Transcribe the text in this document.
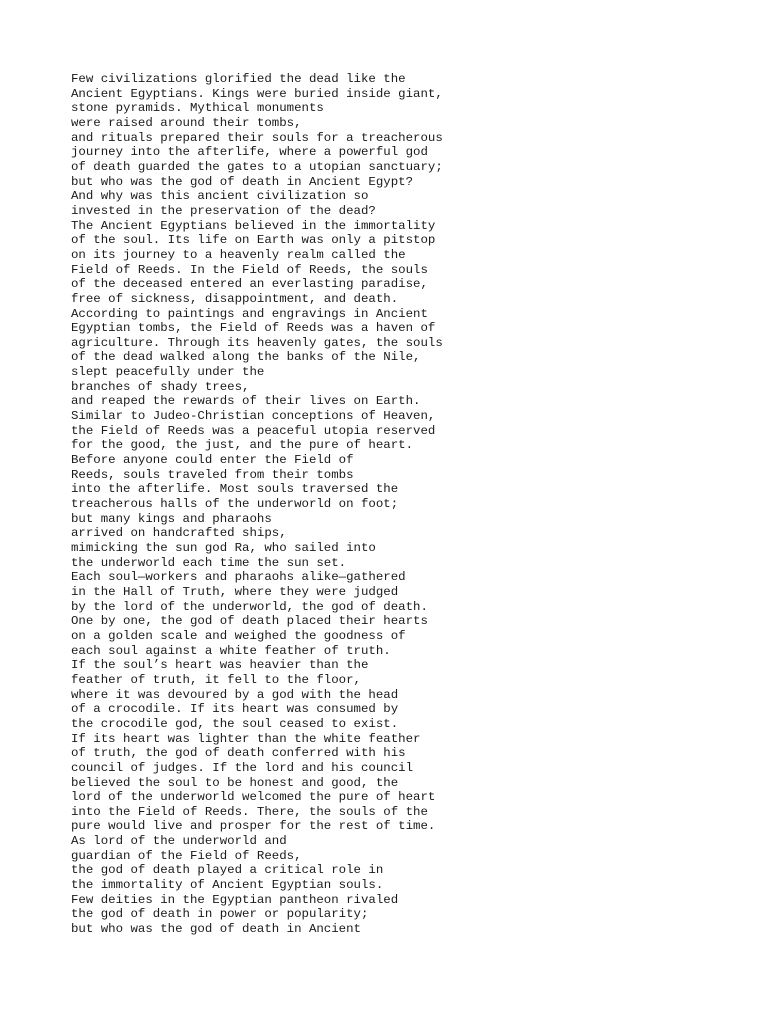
Few civilizations glorified the dead like the
Ancient Egyptians. Kings were buried inside giant,
stone pyramids. Mythical monuments
were raised around their tombs,
and rituals prepared their souls for a treacherous
journey into the afterlife, where a powerful god
of death guarded the gates to a utopian sanctuary;
but who was the god of death in Ancient Egypt?
And why was this ancient civilization so
invested in the preservation of the dead?
The Ancient Egyptians believed in the immortality
of the soul. Its life on Earth was only a pitstop
on its journey to a heavenly realm called the
Field of Reeds. In the Field of Reeds, the souls
of the deceased entered an everlasting paradise,
free of sickness, disappointment, and death.
According to paintings and engravings in Ancient
Egyptian tombs, the Field of Reeds was a haven of
agriculture. Through its heavenly gates, the souls
of the dead walked along the banks of the Nile,
slept peacefully under the
branches of shady trees,
and reaped the rewards of their lives on Earth.
Similar to Judeo-Christian conceptions of Heaven,
the Field of Reeds was a peaceful utopia reserved
for the good, the just, and the pure of heart.
Before anyone could enter the Field of
Reeds, souls traveled from their tombs
into the afterlife. Most souls traversed the
treacherous halls of the underworld on foot;
but many kings and pharaohs
arrived on handcrafted ships,
mimicking the sun god Ra, who sailed into
the underworld each time the sun set.
Each soul—workers and pharaohs alike—gathered
in the Hall of Truth, where they were judged
by the lord of the underworld, the god of death.
One by one, the god of death placed their hearts
on a golden scale and weighed the goodness of
each soul against a white feather of truth.
If the soul’s heart was heavier than the
feather of truth, it fell to the floor,
where it was devoured by a god with the head
of a crocodile. If its heart was consumed by
the crocodile god, the soul ceased to exist.
If its heart was lighter than the white feather
of truth, the god of death conferred with his
council of judges. If the lord and his council
believed the soul to be honest and good, the
lord of the underworld welcomed the pure of heart
into the Field of Reeds. There, the souls of the
pure would live and prosper for the rest of time.
As lord of the underworld and
guardian of the Field of Reeds,
the god of death played a critical role in
the immortality of Ancient Egyptian souls.
Few deities in the Egyptian pantheon rivaled
the god of death in power or popularity;
but who was the god of death in Ancient
